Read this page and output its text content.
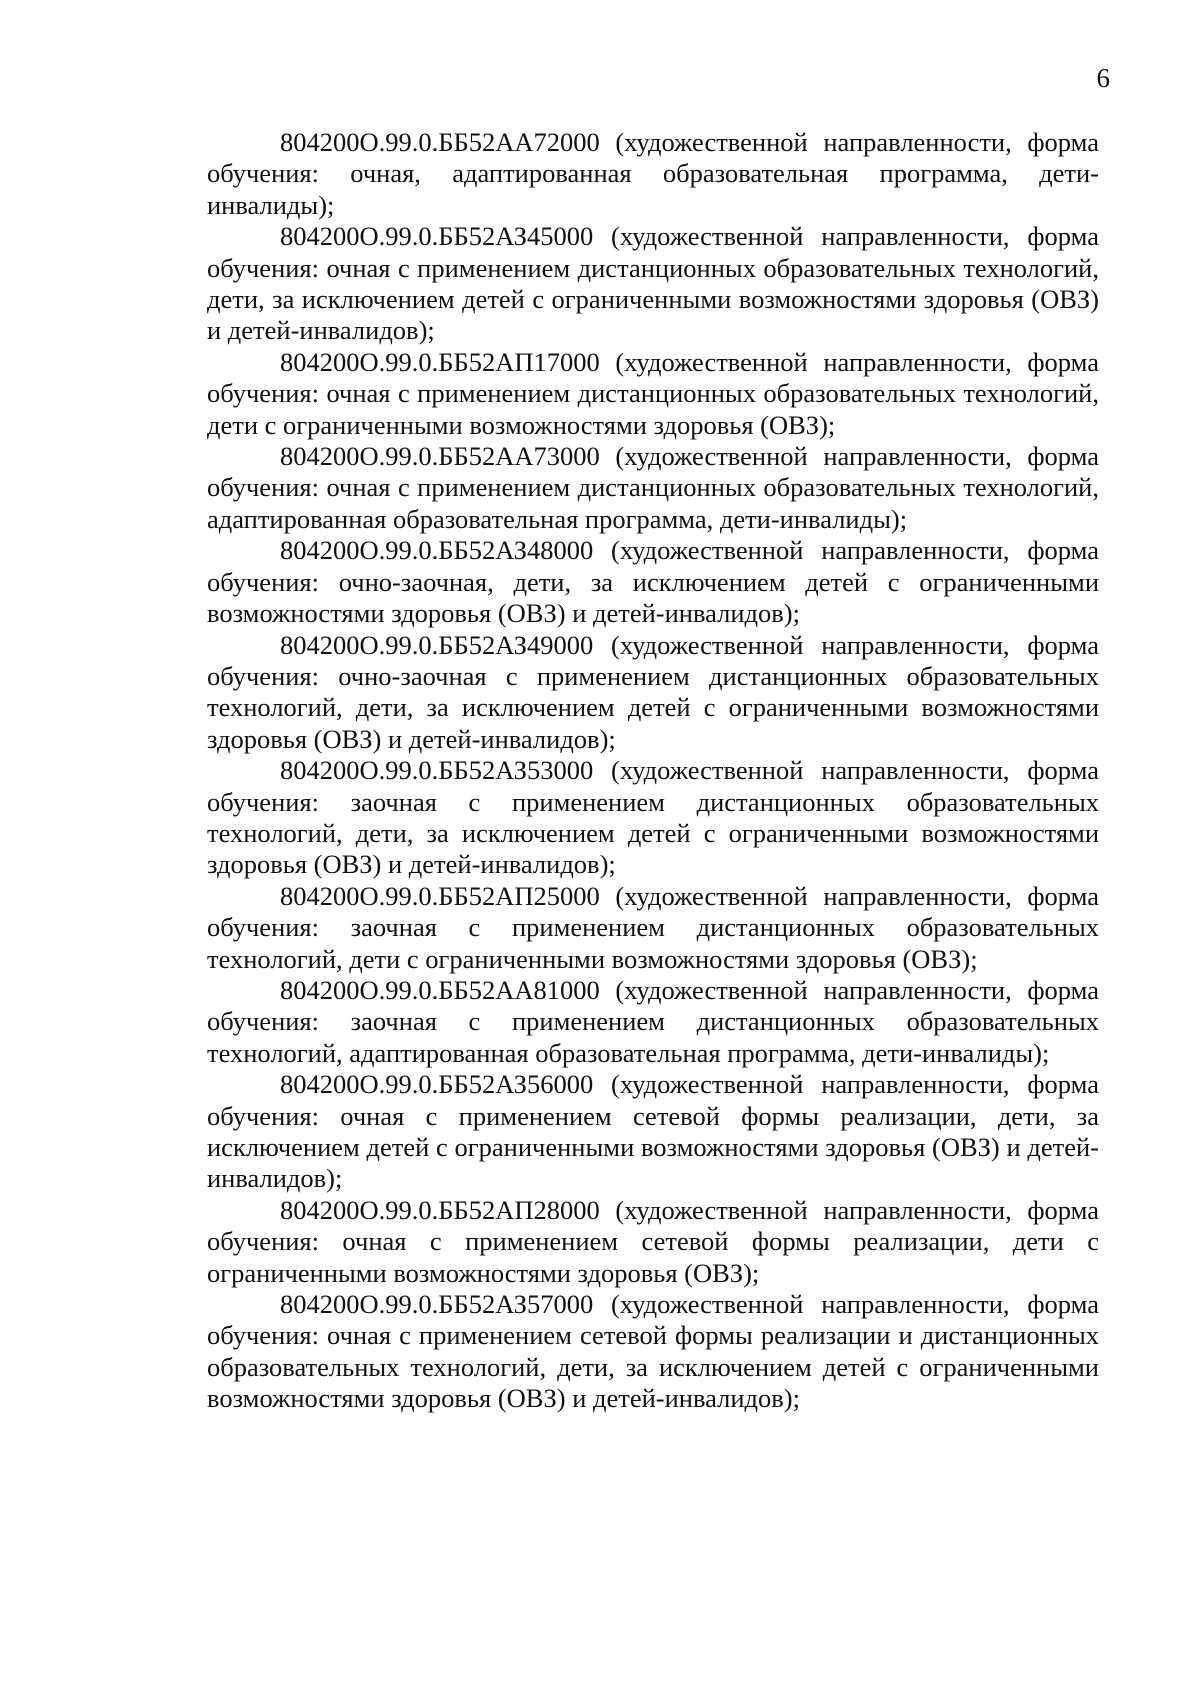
6

804200О.99.0.ББ52АА72000 (художественной направленности, форма обучения: очная, адаптированная образовательная программа, дети-инвалиды);

804200О.99.0.ББ52АЗ45000 (художественной направленности, форма обучения: очная с применением дистанционных образовательных технологий, дети, за исключением детей с ограниченными возможностями здоровья (ОВЗ) и детей-инвалидов);

804200О.99.0.ББ52АП17000 (художественной направленности, форма обучения: очная с применением дистанционных образовательных технологий, дети с ограниченными возможностями здоровья (ОВЗ);

804200О.99.0.ББ52АА73000 (художественной направленности, форма обучения: очная с применением дистанционных образовательных технологий, адаптированная образовательная программа, дети-инвалиды);

804200О.99.0.ББ52АЗ48000 (художественной направленности, форма обучения: очно-заочная, дети, за исключением детей с ограниченными возможностями здоровья (ОВЗ) и детей-инвалидов);

804200О.99.0.ББ52АЗ49000 (художественной направленности, форма обучения: очно-заочная с применением дистанционных образовательных технологий, дети, за исключением детей с ограниченными возможностями здоровья (ОВЗ) и детей-инвалидов);

804200О.99.0.ББ52АЗ53000 (художественной направленности, форма обучения: заочная с применением дистанционных образовательных технологий, дети, за исключением детей с ограниченными возможностями здоровья (ОВЗ) и детей-инвалидов);

804200О.99.0.ББ52АП25000 (художественной направленности, форма обучения: заочная с применением дистанционных образовательных технологий, дети с ограниченными возможностями здоровья (ОВЗ);

804200О.99.0.ББ52АА81000 (художественной направленности, форма обучения: заочная с применением дистанционных образовательных технологий, адаптированная образовательная программа, дети-инвалиды);

804200О.99.0.ББ52АЗ56000 (художественной направленности, форма обучения: очная с применением сетевой формы реализации, дети, за исключением детей с ограниченными возможностями здоровья (ОВЗ) и детей-инвалидов);

804200О.99.0.ББ52АП28000 (художественной направленности, форма обучения: очная с применением сетевой формы реализации, дети с ограниченными возможностями здоровья (ОВЗ);

804200О.99.0.ББ52АЗ57000 (художественной направленности, форма обучения: очная с применением сетевой формы реализации и дистанционных образовательных технологий, дети, за исключением детей с ограниченными возможностями здоровья (ОВЗ) и детей-инвалидов);
